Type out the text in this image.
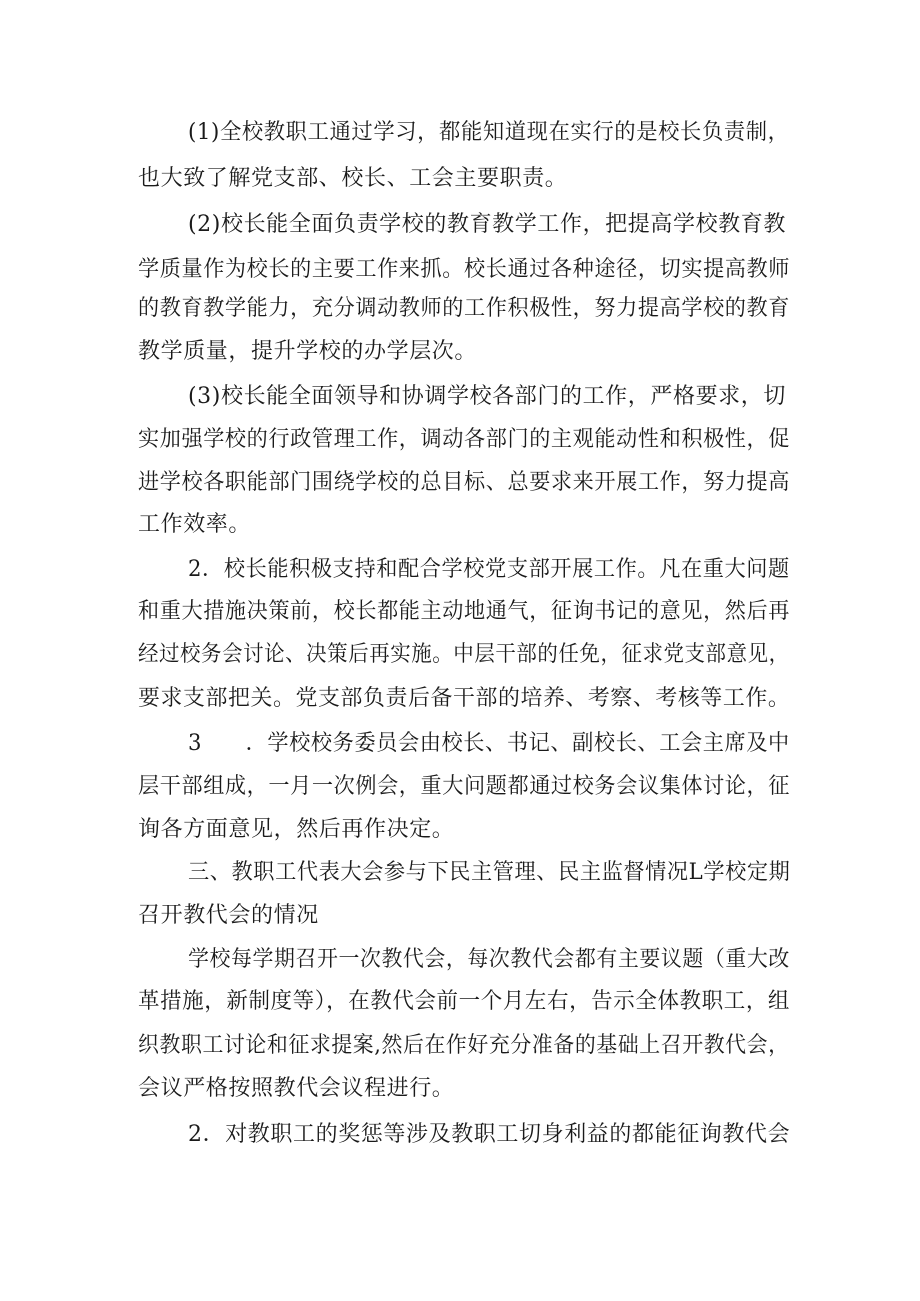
(1)全校教职工通过学习，都能知道现在实行的是校长负责制，
也大致了解党支部、校长、工会主要职责。
(2)校长能全面负责学校的教育教学工作，把提高学校教育教
学质量作为校长的主要工作来抓。校长通过各种途径，切实提高教师
的教育教学能力，充分调动教师的工作积极性，努力提高学校的教育
教学质量，提升学校的办学层次。
(3)校长能全面领导和协调学校各部门的工作，严格要求，切
实加强学校的行政管理工作，调动各部门的主观能动性和积极性，促
进学校各职能部门围绕学校的总目标、总要求来开展工作，努力提高
工作效率。
2．校长能积极支持和配合学校党支部开展工作。凡在重大问题
和重大措施决策前，校长都能主动地通气，征询书记的意见，然后再
经过校务会讨论、决策后再实施。中层干部的任免，征求党支部意见，
要求支部把关。党支部负责后备干部的培养、考察、考核等工作。
3　　．学校校务委员会由校长、书记、副校长、工会主席及中
层干部组成，一月一次例会，重大问题都通过校务会议集体讨论，征
询各方面意见，然后再作决定。
三、教职工代表大会参与下民主管理、民主监督情况L学校定期
召开教代会的情况
学校每学期召开一次教代会，每次教代会都有主要议题（重大改
革措施，新制度等），在教代会前一个月左右，告示全体教职工，组
织教职工讨论和征求提案,然后在作好充分准备的基础上召开教代会，
会议严格按照教代会议程进行。
2．对教职工的奖惩等涉及教职工切身利益的都能征询教代会
